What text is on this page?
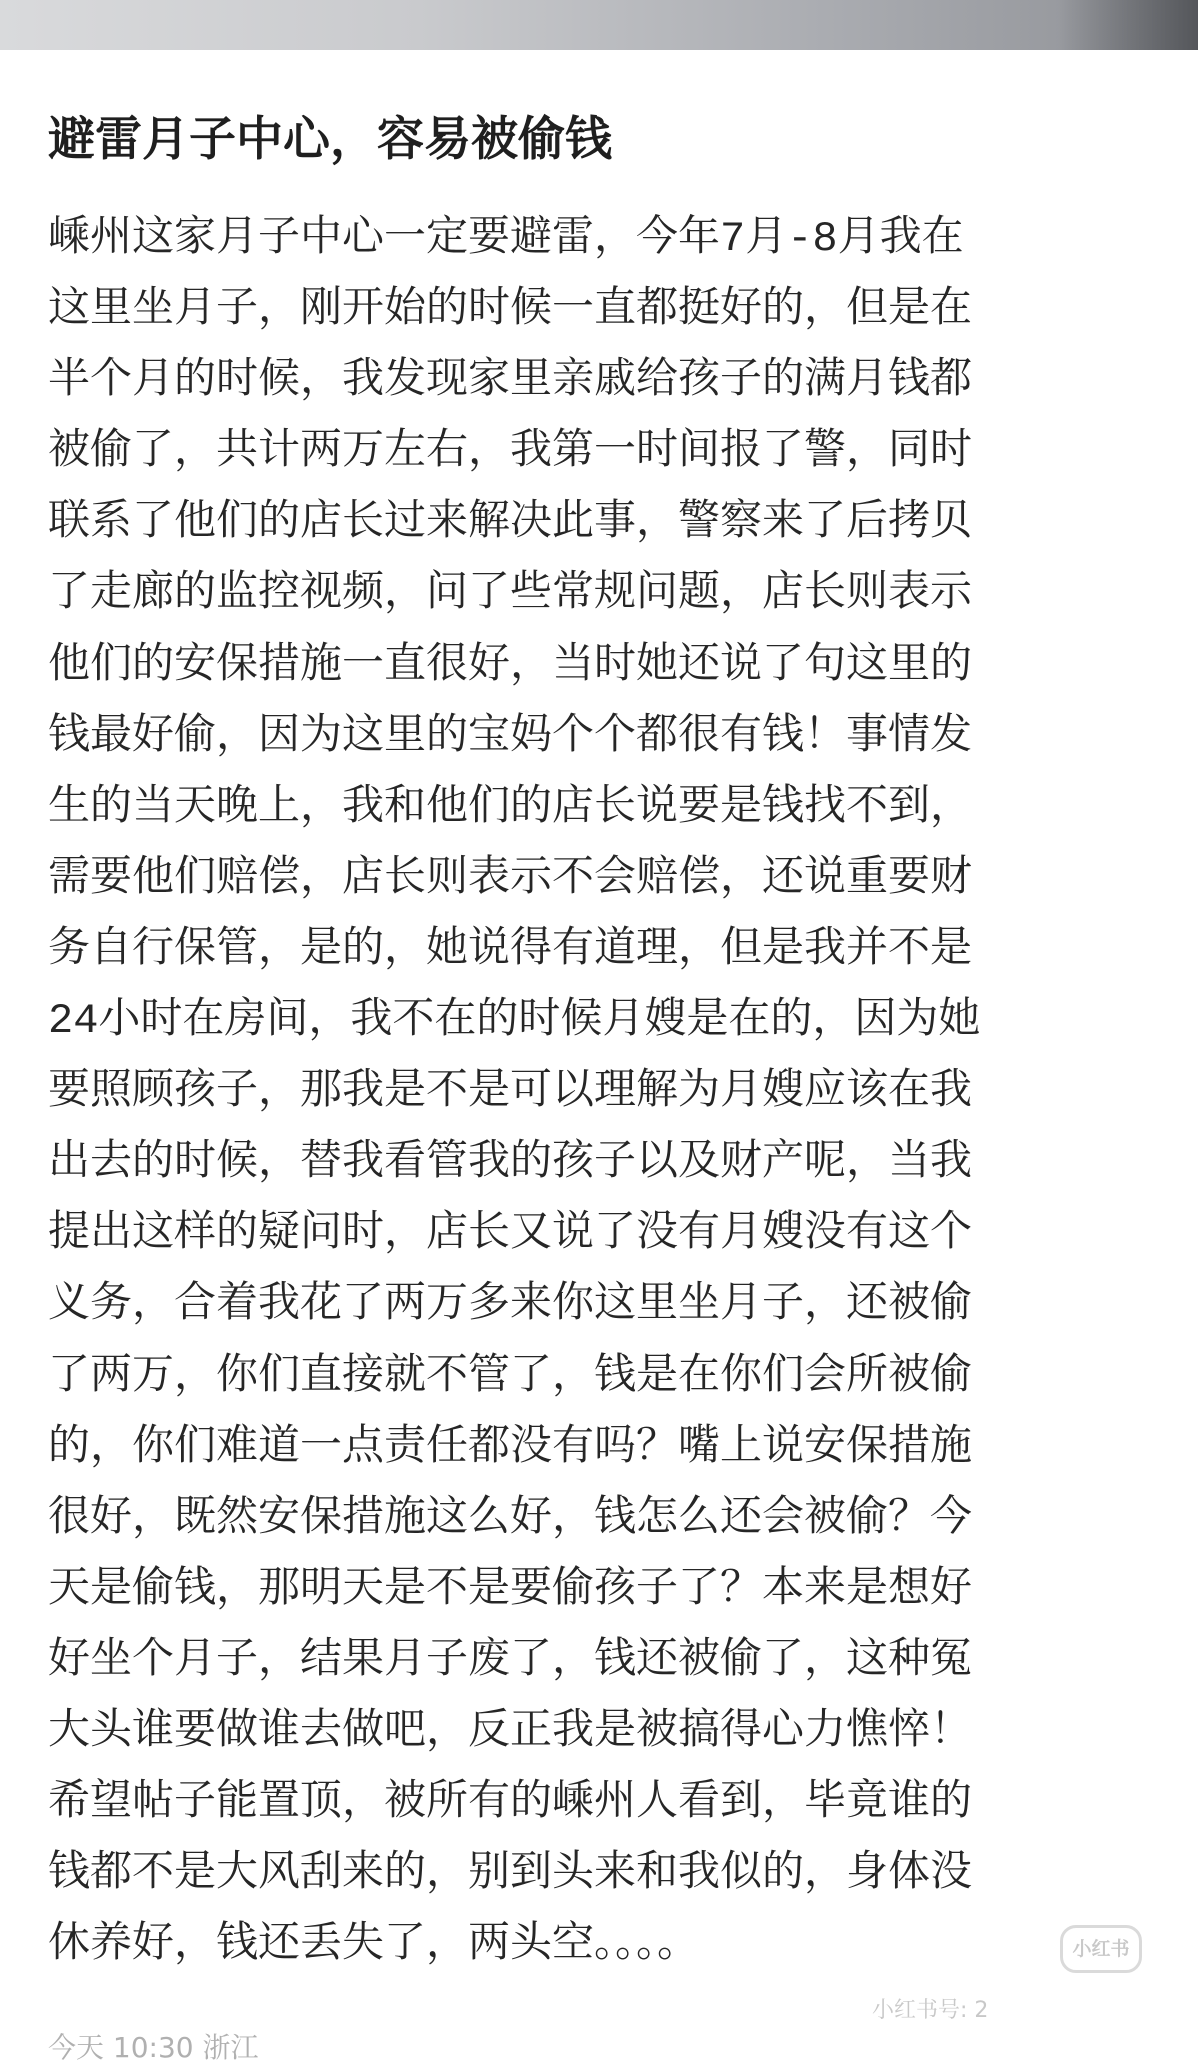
避雷月子中心，容易被偷钱
嵊州这家月子中心一定要避雷，今年7月-8月我在
这里坐月子，刚开始的时候一直都挺好的，但是在
半个月的时候，我发现家里亲戚给孩子的满月钱都
被偷了，共计两万左右，我第一时间报了警，同时
联系了他们的店长过来解决此事，警察来了后拷贝
了走廊的监控视频，问了些常规问题，店长则表示
他们的安保措施一直很好，当时她还说了句这里的
钱最好偷，因为这里的宝妈个个都很有钱！事情发
生的当天晚上，我和他们的店长说要是钱找不到，
需要他们赔偿，店长则表示不会赔偿，还说重要财
务自行保管，是的，她说得有道理，但是我并不是
24小时在房间，我不在的时候月嫂是在的，因为她
要照顾孩子，那我是不是可以理解为月嫂应该在我
出去的时候，替我看管我的孩子以及财产呢，当我
提出这样的疑问时，店长又说了没有月嫂没有这个
义务，合着我花了两万多来你这里坐月子，还被偷
了两万，你们直接就不管了，钱是在你们会所被偷
的，你们难道一点责任都没有吗？嘴上说安保措施
很好，既然安保措施这么好，钱怎么还会被偷？今
天是偷钱，那明天是不是要偷孩子了？本来是想好
好坐个月子，结果月子废了，钱还被偷了，这种冤
大头谁要做谁去做吧，反正我是被搞得心力憔悴！
希望帖子能置顶，被所有的嵊州人看到，毕竟谁的
钱都不是大风刮来的，别到头来和我似的，身体没
休养好，钱还丢失了，两头空。。。。	小红书
小红书号: 2
今天 10:30 浙江
